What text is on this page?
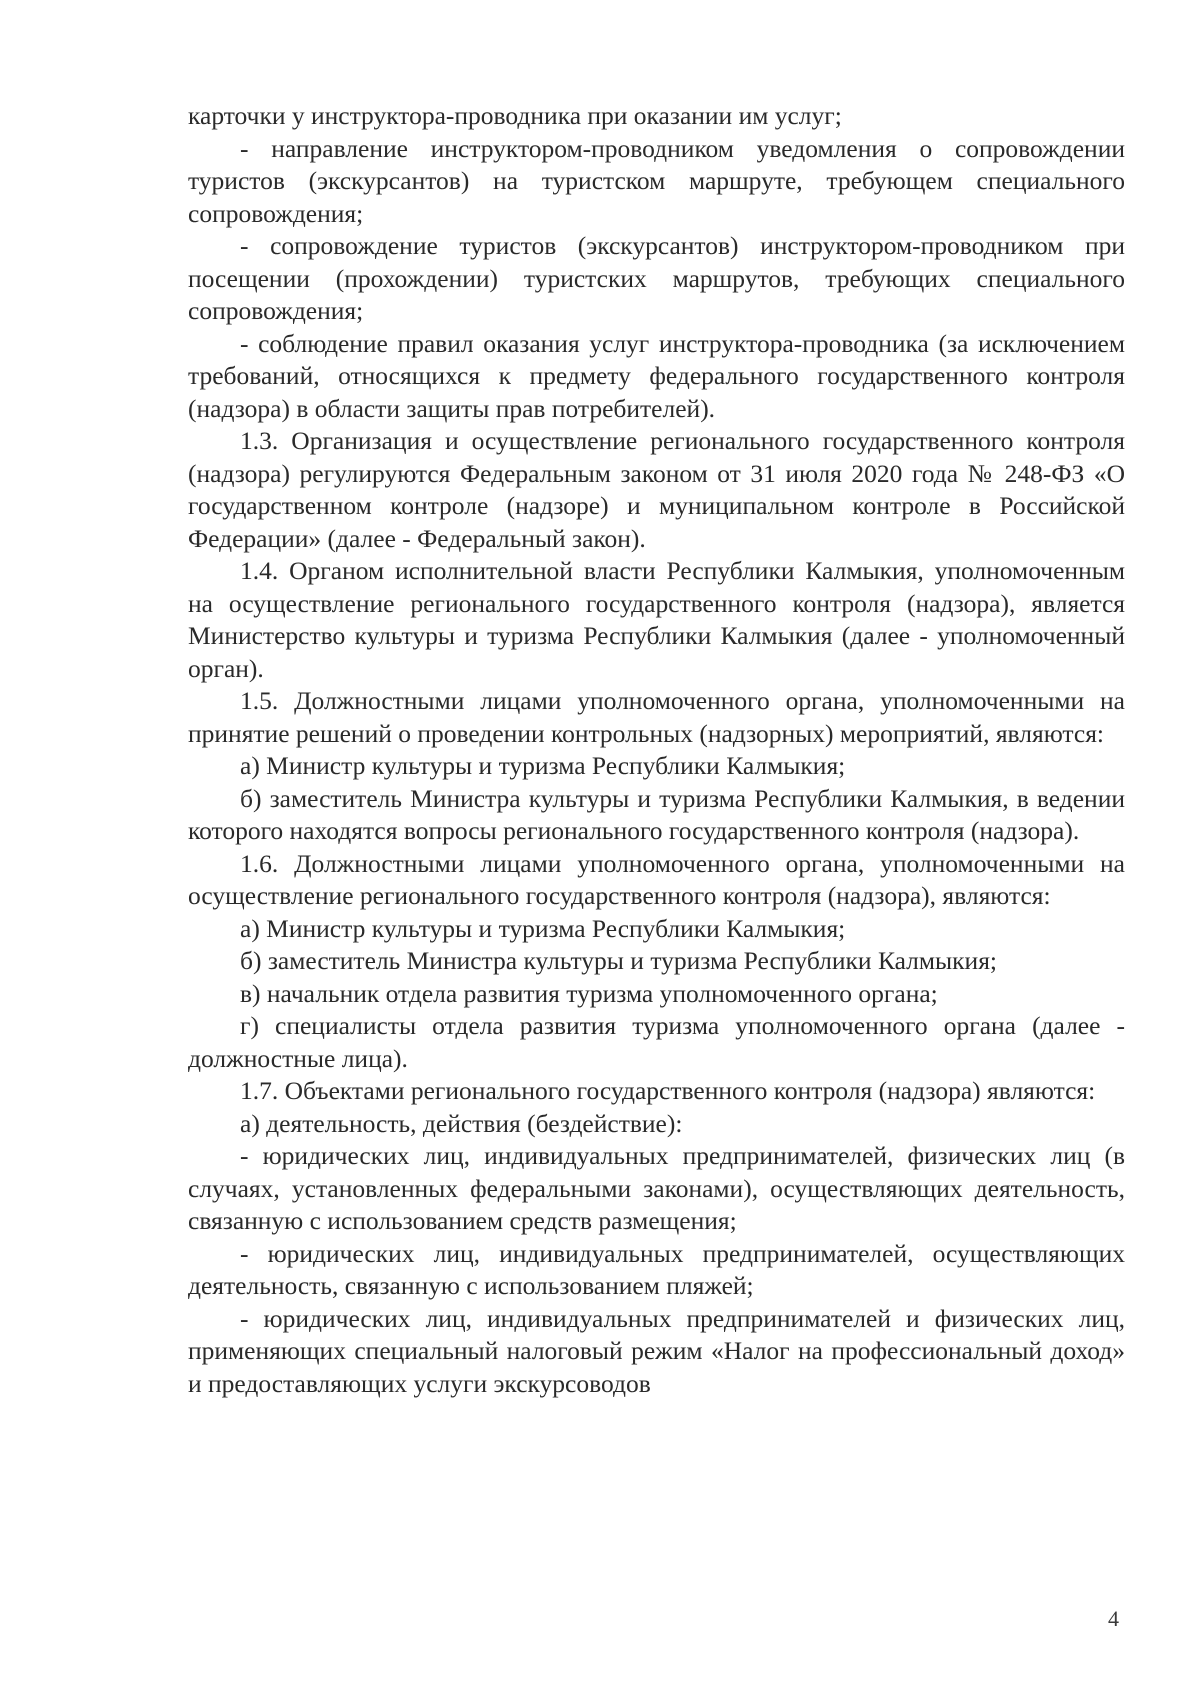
карточки у инструктора-проводника при оказании им услуг;

- направление инструктором-проводником уведомления о сопровождении туристов (экскурсантов) на туристском маршруте, требующем специального сопровождения;

- сопровождение туристов (экскурсантов) инструктором-проводником при посещении (прохождении) туристских маршрутов, требующих специального сопровождения;

- соблюдение правил оказания услуг инструктора-проводника (за исключением требований, относящихся к предмету федерального государственного контроля (надзора) в области защиты прав потребителей).

1.3. Организация и осуществление регионального государственного контроля (надзора) регулируются Федеральным законом от 31 июля 2020 года № 248-ФЗ «О государственном контроле (надзоре) и муниципальном контроле в Российской Федерации» (далее - Федеральный закон).

1.4. Органом исполнительной власти Республики Калмыкия, уполномоченным на осуществление регионального государственного контроля (надзора), является Министерство культуры и туризма Республики Калмыкия (далее - уполномоченный орган).

1.5. Должностными лицами уполномоченного органа, уполномоченными на принятие решений о проведении контрольных (надзорных) мероприятий, являются:

а) Министр культуры и туризма Республики Калмыкия;

б) заместитель Министра культуры и туризма Республики Калмыкия, в ведении которого находятся вопросы регионального государственного контроля (надзора).

1.6. Должностными лицами уполномоченного органа, уполномоченными на осуществление регионального государственного контроля (надзора), являются:

а) Министр культуры и туризма Республики Калмыкия;

б) заместитель Министра культуры и туризма Республики Калмыкия;

в) начальник отдела развития туризма уполномоченного органа;

г) специалисты отдела развития туризма уполномоченного органа (далее - должностные лица).

1.7. Объектами регионального государственного контроля (надзора) являются:

а) деятельность, действия (бездействие):

- юридических лиц, индивидуальных предпринимателей, физических лиц (в случаях, установленных федеральными законами), осуществляющих деятельность, связанную с использованием средств размещения;

- юридических лиц, индивидуальных предпринимателей, осуществляющих деятельность, связанную с использованием пляжей;

- юридических лиц, индивидуальных предпринимателей и физических лиц, применяющих специальный налоговый режим «Налог на профессиональный доход» и предоставляющих услуги экскурсоводов

4
